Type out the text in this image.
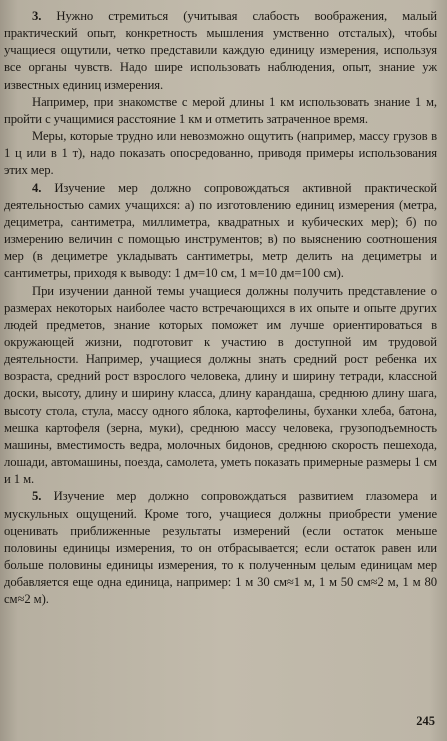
3. Нужно стремиться (учитывая слабость воображения, малый практический опыт, конкретность мышления умственно отсталых), чтобы учащиеся ощутили, четко представили каждую единицу измерения, используя все органы чувств. Надо шире использовать наблюдения, опыт, знание уж известных единиц измерения.

Например, при знакомстве с мерой длины 1 км использовать знание 1 м, пройти с учащимися расстояние 1 км и отметить затраченное время.

Меры, которые трудно или невозможно ощутить (например, массу грузов в 1 ц или в 1 т), надо показать опосредованно, приводя примеры использования этих мер.

4. Изучение мер должно сопровождаться активной практической деятельностью самих учащихся: а) по изготовлению единиц измерения (метра, дециметра, сантиметра, миллиметра, квадратных и кубических мер); б) по измерению величин с помощью инструментов; в) по выяснению соотношения мер (в дециметре укладывать сантиметры, метр делить на дециметры и сантиметры, приходя к выводу: 1 дм=10 см, 1 м=10 дм=100 см).

При изучении данной темы учащиеся должны получить представление о размерах некоторых наиболее часто встречающихся в их опыте и опыте других людей предметов, знание которых поможет им лучше ориентироваться в окружающей жизни, подготовит к участию в доступной им трудовой деятельности. Например, учащиеся должны знать средний рост ребенка их возраста, средний рост взрослого человека, длину и ширину тетради, классной доски, высоту, длину и ширину класса, длину карандаша, среднюю длину шага, высоту стола, стула, массу одного яблока, картофелины, буханки хлеба, батона, мешка картофеля (зерна, муки), среднюю массу человека, грузоподъемность машины, вместимость ведра, молочных бидонов, среднюю скорость пешехода, лошади, автомашины, поезда, самолета, уметь показать примерные размеры 1 см и 1 м.

5. Изучение мер должно сопровождаться развитием глазомера и мускульных ощущений. Кроме того, учащиеся должны приобрести умение оценивать приближенные результаты измерений (если остаток меньше половины единицы измерения, то он отбрасывается; если остаток равен или больше половины единицы измерения, то к полученным целым единицам мер добавляется еще одна единица, например: 1 м 30 см≈1 м, 1 м 50 см≈2 м, 1 м 80 см≈2 м).

245
